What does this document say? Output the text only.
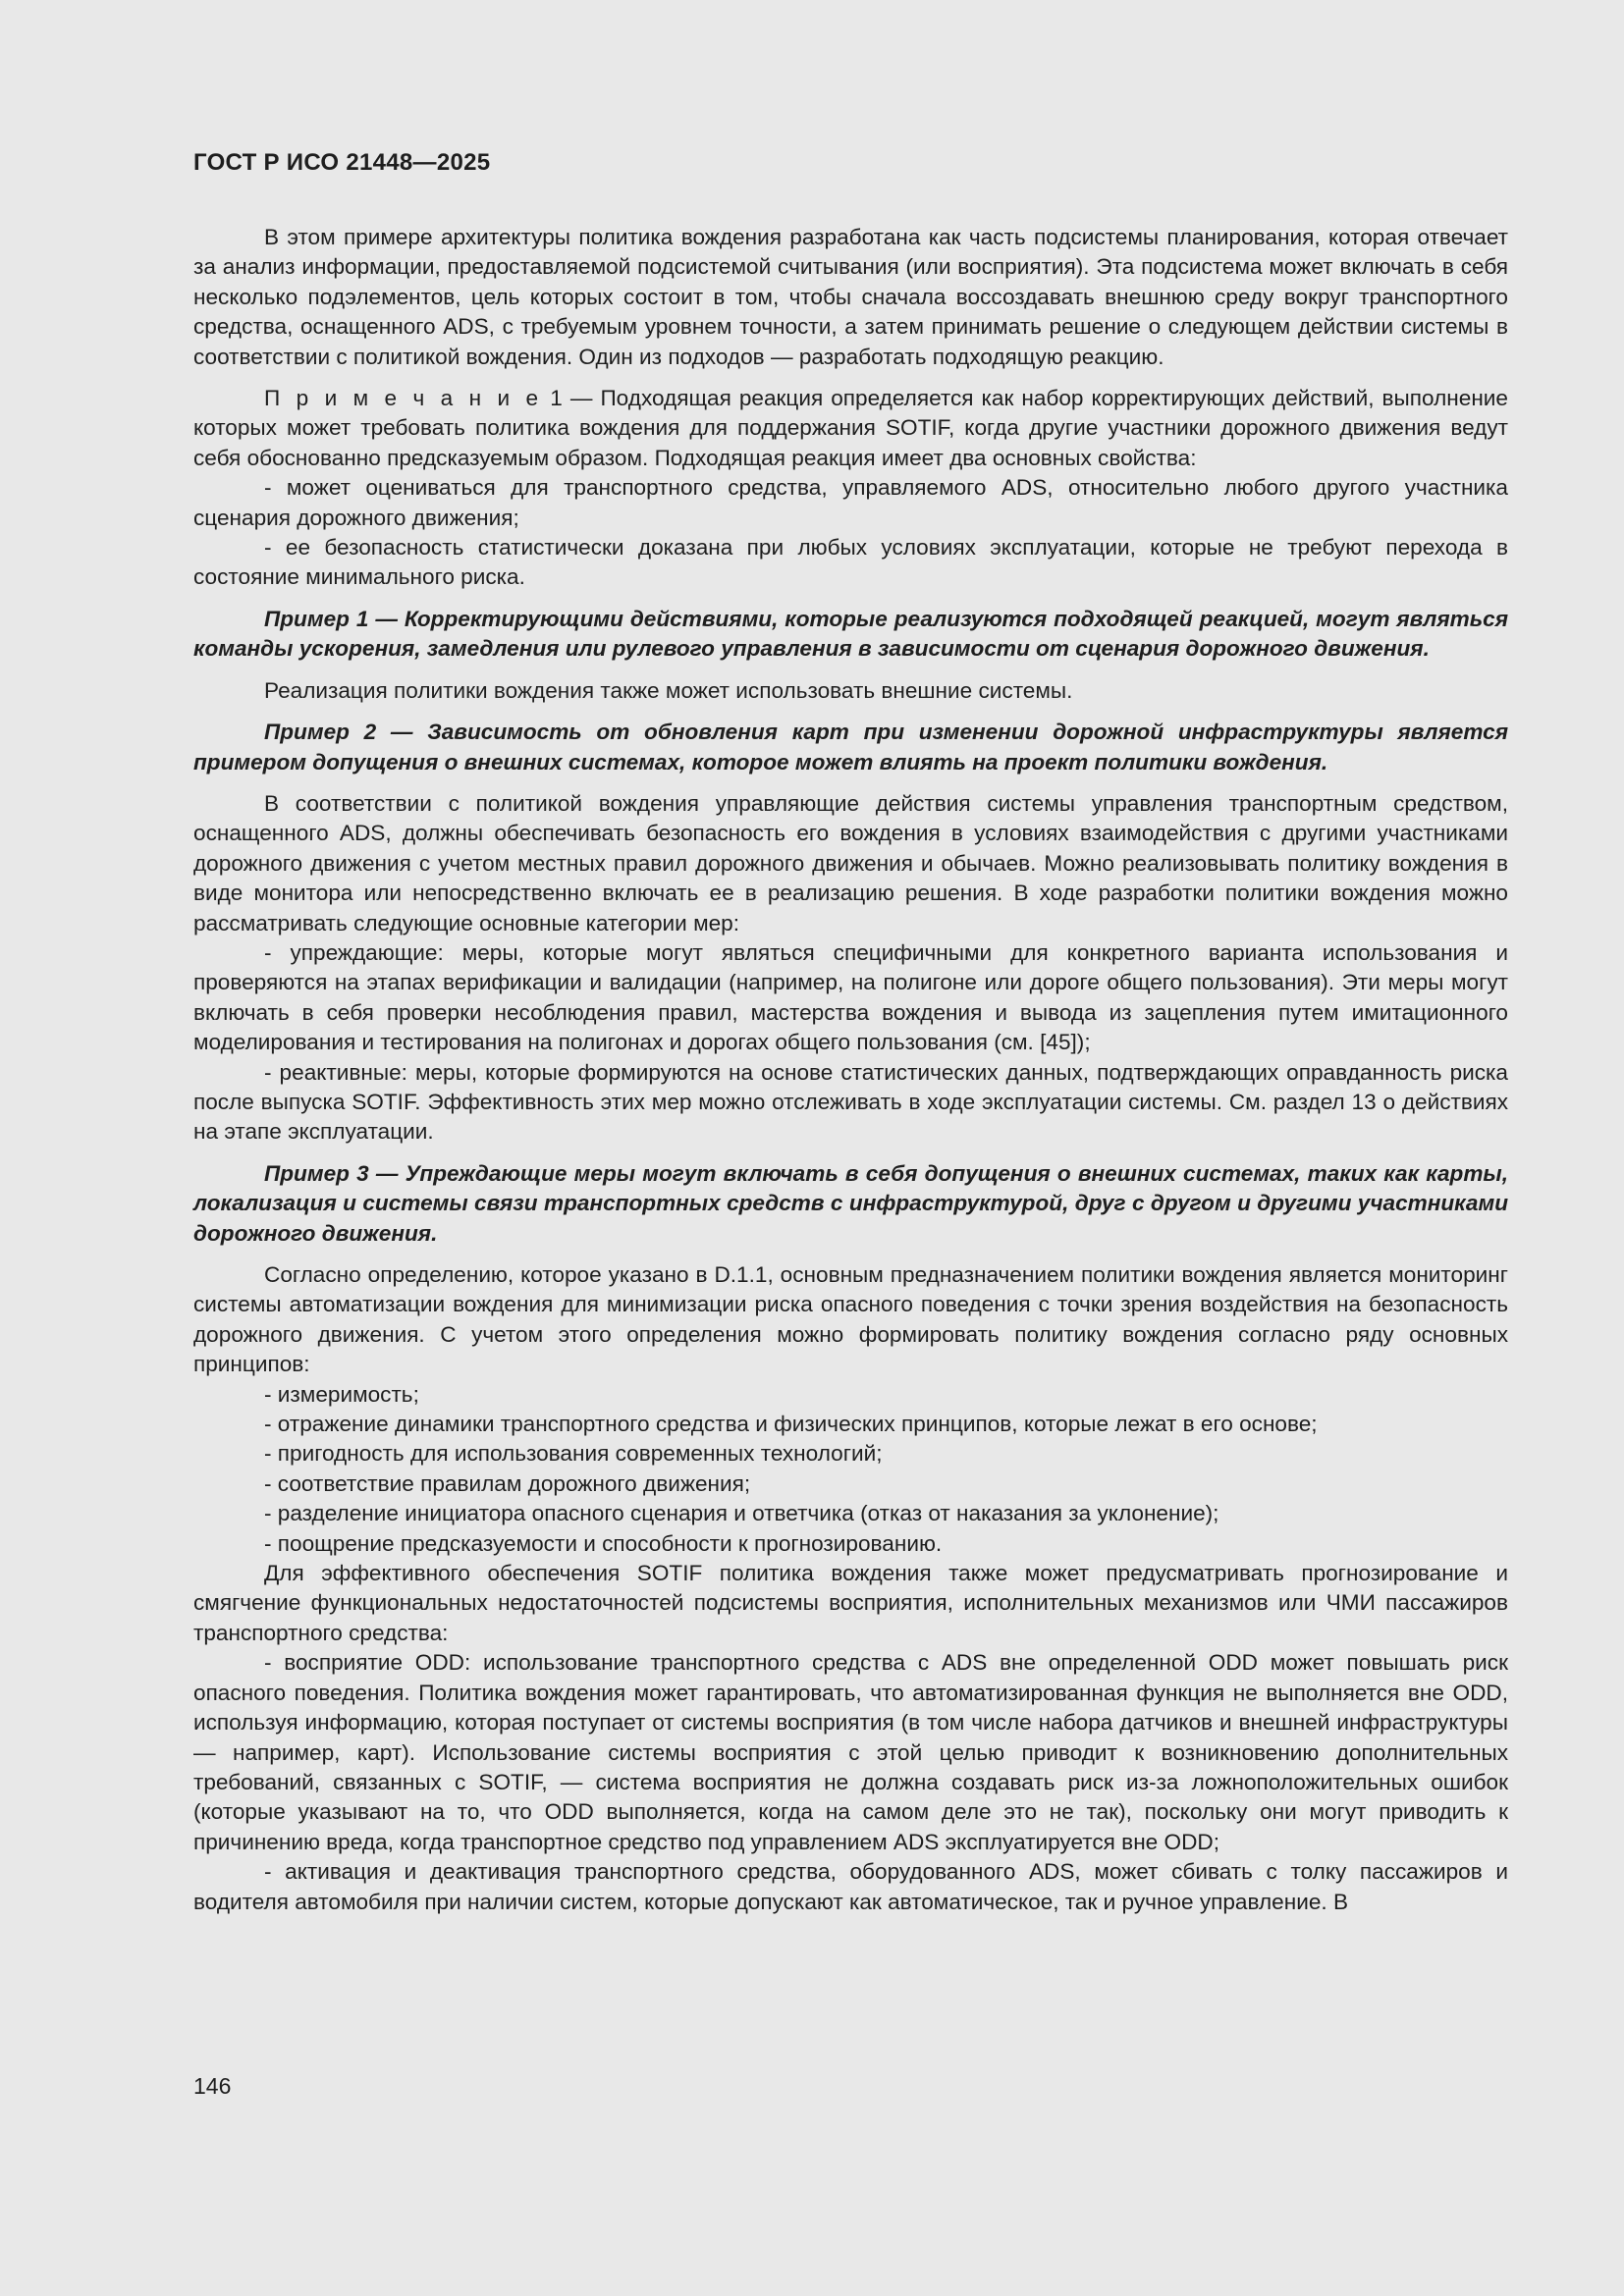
ГОСТ Р ИСО 21448—2025

В этом примере архитектуры политика вождения разработана как часть подсистемы планирования, которая отвечает за анализ информации, предоставляемой подсистемой считывания (или восприятия). Эта подсистема может включать в себя несколько подэлементов, цель которых состоит в том, чтобы сначала воссоздавать внешнюю среду вокруг транспортного средства, оснащенного ADS, с требуемым уровнем точности, а затем принимать решение о следующем действии системы в соответствии с политикой вождения. Один из подходов — разработать подходящую реакцию.

П р и м е ч а н и е 1 — Подходящая реакция определяется как набор корректирующих действий, выполнение которых может требовать политика вождения для поддержания SOTIF, когда другие участники дорожного движения ведут себя обоснованно предсказуемым образом. Подходящая реакция имеет два основных свойства:

- может оцениваться для транспортного средства, управляемого ADS, относительно любого другого участника сценария дорожного движения;

- ее безопасность статистически доказана при любых условиях эксплуатации, которые не требуют перехода в состояние минимального риска.

Пример 1 — Корректирующими действиями, которые реализуются подходящей реакцией, могут являться команды ускорения, замедления или рулевого управления в зависимости от сценария дорожного движения.

Реализация политики вождения также может использовать внешние системы.

Пример 2 — Зависимость от обновления карт при изменении дорожной инфраструктуры является примером допущения о внешних системах, которое может влиять на проект политики вождения.

В соответствии с политикой вождения управляющие действия системы управления транспортным средством, оснащенного ADS, должны обеспечивать безопасность его вождения в условиях взаимодействия с другими участниками дорожного движения с учетом местных правил дорожного движения и обычаев. Можно реализовывать политику вождения в виде монитора или непосредственно включать ее в реализацию решения. В ходе разработки политики вождения можно рассматривать следующие основные категории мер:

- упреждающие: меры, которые могут являться специфичными для конкретного варианта использования и проверяются на этапах верификации и валидации (например, на полигоне или дороге общего пользования). Эти меры могут включать в себя проверки несоблюдения правил, мастерства вождения и вывода из зацепления путем имитационного моделирования и тестирования на полигонах и дорогах общего пользования (см. [45]);

- реактивные: меры, которые формируются на основе статистических данных, подтверждающих оправданность риска после выпуска SOTIF. Эффективность этих мер можно отслеживать в ходе эксплуатации системы. См. раздел 13 о действиях на этапе эксплуатации.

Пример 3 — Упреждающие меры могут включать в себя допущения о внешних системах, таких как карты, локализация и системы связи транспортных средств с инфраструктурой, друг с другом и другими участниками дорожного движения.

Согласно определению, которое указано в D.1.1, основным предназначением политики вождения является мониторинг системы автоматизации вождения для минимизации риска опасного поведения с точки зрения воздействия на безопасность дорожного движения. С учетом этого определения можно формировать политику вождения согласно ряду основных принципов:

- измеримость;

- отражение динамики транспортного средства и физических принципов, которые лежат в его основе;

- пригодность для использования современных технологий;

- соответствие правилам дорожного движения;

- разделение инициатора опасного сценария и ответчика (отказ от наказания за уклонение);

- поощрение предсказуемости и способности к прогнозированию.

Для эффективного обеспечения SOTIF политика вождения также может предусматривать прогнозирование и смягчение функциональных недостаточностей подсистемы восприятия, исполнительных механизмов или ЧМИ пассажиров транспортного средства:

- восприятие ODD: использование транспортного средства с ADS вне определенной ODD может повышать риск опасного поведения. Политика вождения может гарантировать, что автоматизированная функция не выполняется вне ODD, используя информацию, которая поступает от системы восприятия (в том числе набора датчиков и внешней инфраструктуры — например, карт). Использование системы восприятия с этой целью приводит к возникновению дополнительных требований, связанных с SOTIF, — система восприятия не должна создавать риск из-за ложноположительных ошибок (которые указывают на то, что ODD выполняется, когда на самом деле это не так), поскольку они могут приводить к причинению вреда, когда транспортное средство под управлением ADS эксплуатируется вне ODD;

- активация и деактивация транспортного средства, оборудованного ADS, может сбивать с толку пассажиров и водителя автомобиля при наличии систем, которые допускают как автоматическое, так и ручное управление. В

146
